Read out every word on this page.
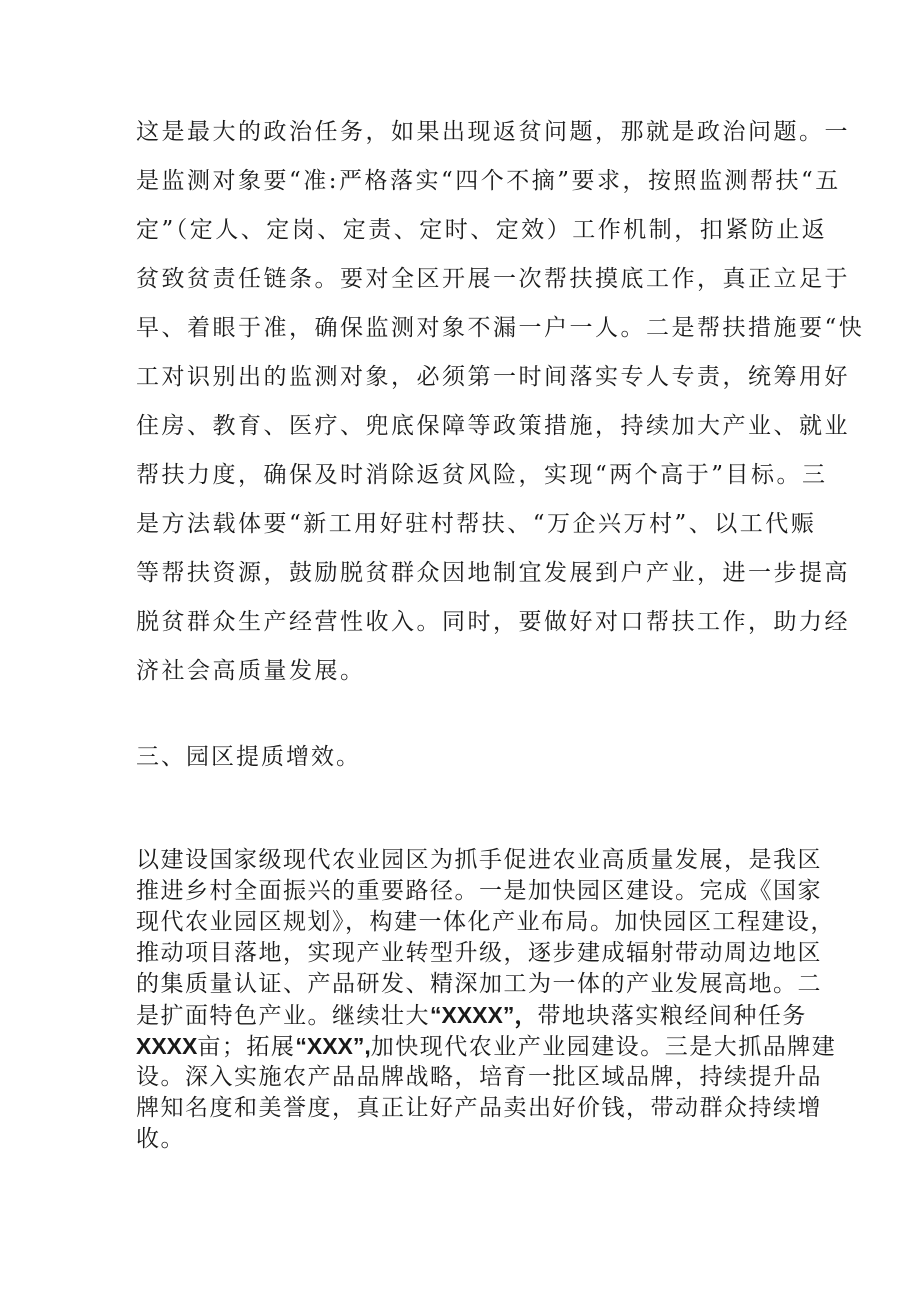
这是最大的政治任务，如果出现返贫问题，那就是政治问题。一
是监测对象要“准:严格落实“四个不摘”要求，按照监测帮扶“五
定”（定人、定岗、定责、定时、定效）工作机制，扣紧防止返
贫致贫责任链条。要对全区开展一次帮扶摸底工作，真正立足于
早、着眼于准，确保监测对象不漏一户一人。二是帮扶措施要“快
工对识别出的监测对象，必须第一时间落实专人专责，统筹用好
住房、教育、医疗、兜底保障等政策措施，持续加大产业、就业
帮扶力度，确保及时消除返贫风险，实现“两个高于”目标。三
是方法载体要“新工用好驻村帮扶、“万企兴万村”、以工代赈
等帮扶资源，鼓励脱贫群众因地制宜发展到户产业，进一步提高
脱贫群众生产经营性收入。同时，要做好对口帮扶工作，助力经
济社会高质量发展。
三、园区提质增效。
以建设国家级现代农业园区为抓手促进农业高质量发展，是我区
推进乡村全面振兴的重要路径。一是加快园区建设。完成《国家
现代农业园区规划》，构建一体化产业布局。加快园区工程建设，
推动项目落地，实现产业转型升级，逐步建成辐射带动周边地区
的集质量认证、产品研发、精深加工为一体的产业发展高地。二
是扩面特色产业。继续壮大“XXXX”，带地块落实粮经间种任务
XXXX亩；拓展“XXX”,加快现代农业产业园建设。三是大抓品牌建
设。深入实施农产品品牌战略，培育一批区域品牌，持续提升品
牌知名度和美誉度，真正让好产品卖出好价钱，带动群众持续增
收。
